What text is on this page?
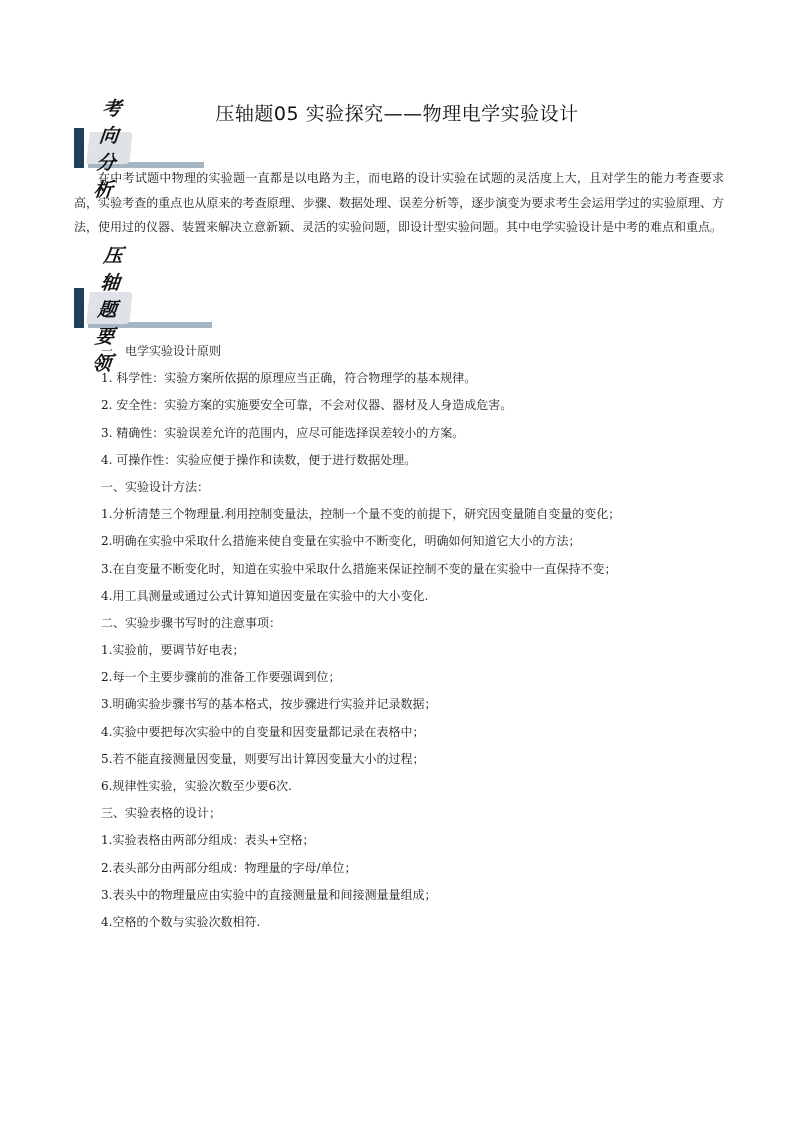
压轴题05 实验探究——物理电学实验设计
考向分析
在中考试题中物理的实验题一直都是以电路为主，而电路的设计实验在试题的灵活度上大，且对学生的能力考查要求高，实验考查的重点也从原来的考查原理、步骤、数据处理、误差分析等，逐步演变为要求考生会运用学过的实验原理、方法，使用过的仪器、装置来解决立意新颖、灵活的实验问题，即设计型实验问题。其中电学实验设计是中考的难点和重点。
压轴题要领
一、电学实验设计原则
1. 科学性：实验方案所依据的原理应当正确，符合物理学的基本规律。
2. 安全性：实验方案的实施要安全可靠，不会对仪器、器材及人身造成危害。
3. 精确性：实验误差允许的范围内，应尽可能选择误差较小的方案。
4. 可操作性：实验应便于操作和读数，便于进行数据处理。
一、实验设计方法：
1.分析清楚三个物理量.利用控制变量法，控制一个量不变的前提下，研究因变量随自变量的变化；
2.明确在实验中采取什么措施来使自变量在实验中不断变化，明确如何知道它大小的方法；
3.在自变量不断变化时，知道在实验中采取什么措施来保证控制不变的量在实验中一直保持不变；
4.用工具测量或通过公式计算知道因变量在实验中的大小变化.
二、实验步骤书写时的注意事项：
1.实验前，要调节好电表；
2.每一个主要步骤前的准备工作要强调到位；
3.明确实验步骤书写的基本格式，按步骤进行实验并记录数据；
4.实验中要把每次实验中的自变量和因变量都记录在表格中；
5.若不能直接测量因变量，则要写出计算因变量大小的过程；
6.规律性实验，实验次数至少要6次.
三、实验表格的设计；
1.实验表格由两部分组成：表头+空格；
2.表头部分由两部分组成：物理量的字母/单位；
3.表头中的物理量应由实验中的直接测量量和间接测量量组成；
4.空格的个数与实验次数相符.
